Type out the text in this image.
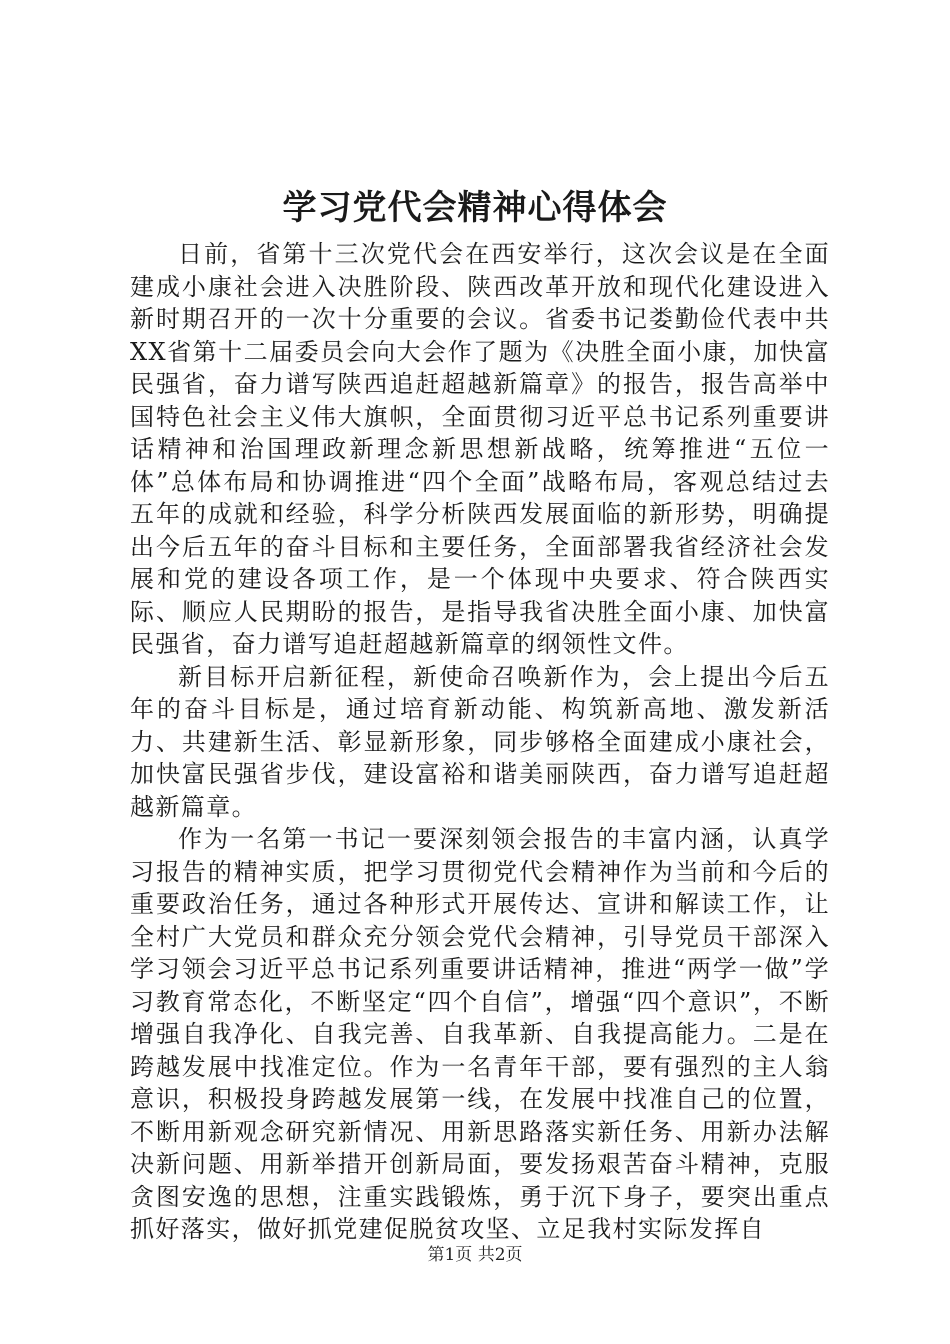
学习党代会精神心得体会

日前，省第十三次党代会在西安举行，这次会议是在全面建成小康社会进入决胜阶段、陕西改革开放和现代化建设进入新时期召开的一次十分重要的会议。省委书记娄勤俭代表中共XX省第十二届委员会向大会作了题为《决胜全面小康，加快富民强省，奋力谱写陕西追赶超越新篇章》的报告，报告高举中国特色社会主义伟大旗帜，全面贯彻习近平总书记系列重要讲话精神和治国理政新理念新思想新战略，统筹推进“五位一体”总体布局和协调推进“四个全面”战略布局，客观总结过去五年的成就和经验，科学分析陕西发展面临的新形势，明确提出今后五年的奋斗目标和主要任务，全面部署我省经济社会发展和党的建设各项工作，是一个体现中央要求、符合陕西实际、顺应人民期盼的报告，是指导我省决胜全面小康、加快富民强省，奋力谱写追赶超越新篇章的纲领性文件。

新目标开启新征程，新使命召唤新作为，会上提出今后五年的奋斗目标是，通过培育新动能、构筑新高地、激发新活力、共建新生活、彰显新形象，同步够格全面建成小康社会，加快富民强省步伐，建设富裕和谐美丽陕西，奋力谱写追赶超越新篇章。

作为一名第一书记一要深刻领会报告的丰富内涵，认真学习报告的精神实质，把学习贯彻党代会精神作为当前和今后的重要政治任务，通过各种形式开展传达、宣讲和解读工作，让全村广大党员和群众充分领会党代会精神，引导党员干部深入学习领会习近平总书记系列重要讲话精神，推进“两学一做”学习教育常态化，不断坚定“四个自信”，增强“四个意识”，不断增强自我净化、自我完善、自我革新、自我提高能力。二是在跨越发展中找准定位。作为一名青年干部，要有强烈的主人翁意识，积极投身跨越发展第一线，在发展中找准自己的位置，不断用新观念研究新情况、用新思路落实新任务、用新办法解决新问题、用新举措开创新局面，要发扬艰苦奋斗精神，克服贪图安逸的思想，注重实践锻炼，勇于沉下身子，要突出重点抓好落实，做好抓党建促脱贫攻坚、立足我村实际发挥自

第1页 共2页
